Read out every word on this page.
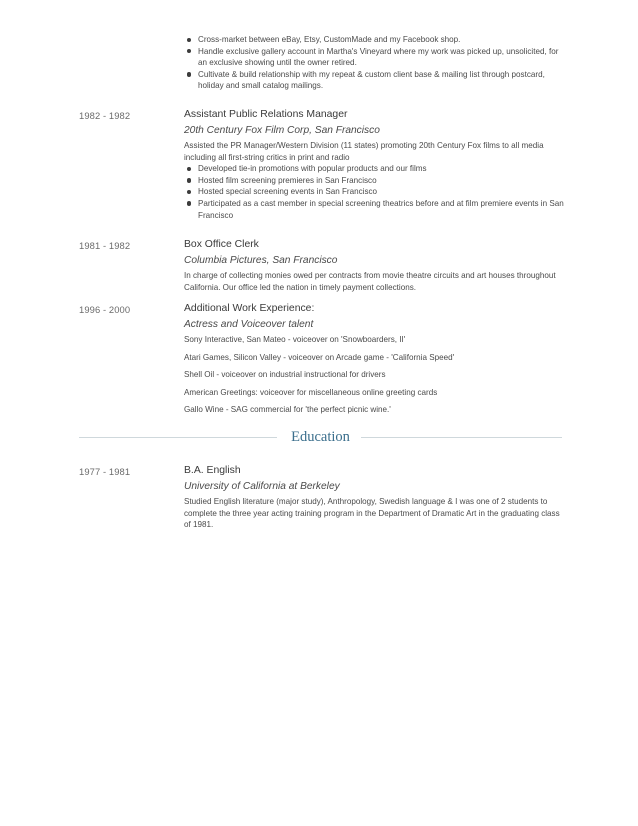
Cross-market between eBay, Etsy, CustomMade and my Facebook shop.
Handle exclusive gallery account in Martha's Vineyard where my work was picked up, unsolicited, for an exclusive showing until the owner retired.
Cultivate & build relationship with my repeat & custom client base & mailing list through postcard, holiday and small catalog mailings.
1982 - 1982	Assistant Public Relations Manager

20th Century Fox Film Corp, San Francisco

Assisted the PR Manager/Western Division (11 states) promoting 20th Century Fox films to all media including all first-string critics in print and radio

Developed tie-in promotions with popular products and our films
Hosted film screening premieres in San Francisco
Hosted special screening events in San Francisco
Participated as a cast member in special screening theatrics before and at film premiere events in San Francisco
1981 - 1982	Box Office Clerk

Columbia Pictures, San Francisco

In charge of collecting monies owed per contracts from movie theatre circuits and art houses throughout California. Our office led the nation in timely payment collections.

1996 - 2000	Additional Work Experience:

Actress and Voiceover talent

Sony Interactive, San Mateo - voiceover on 'Snowboarders, II'

Atari Games, Silicon Valley - voiceover on Arcade game - 'California Speed'

Shell Oil - voiceover on industrial instructional for drivers

American Greetings: voiceover for miscellaneous online greeting cards

Gallo Wine - SAG commercial for 'the perfect picnic wine.'

Education
1977 - 1981	B.A. English

University of California at Berkeley

Studied English literature (major study), Anthropology, Swedish language & I was one of 2 students to complete the three year acting training program in the Department of Dramatic Art in the graduating class of 1981.
